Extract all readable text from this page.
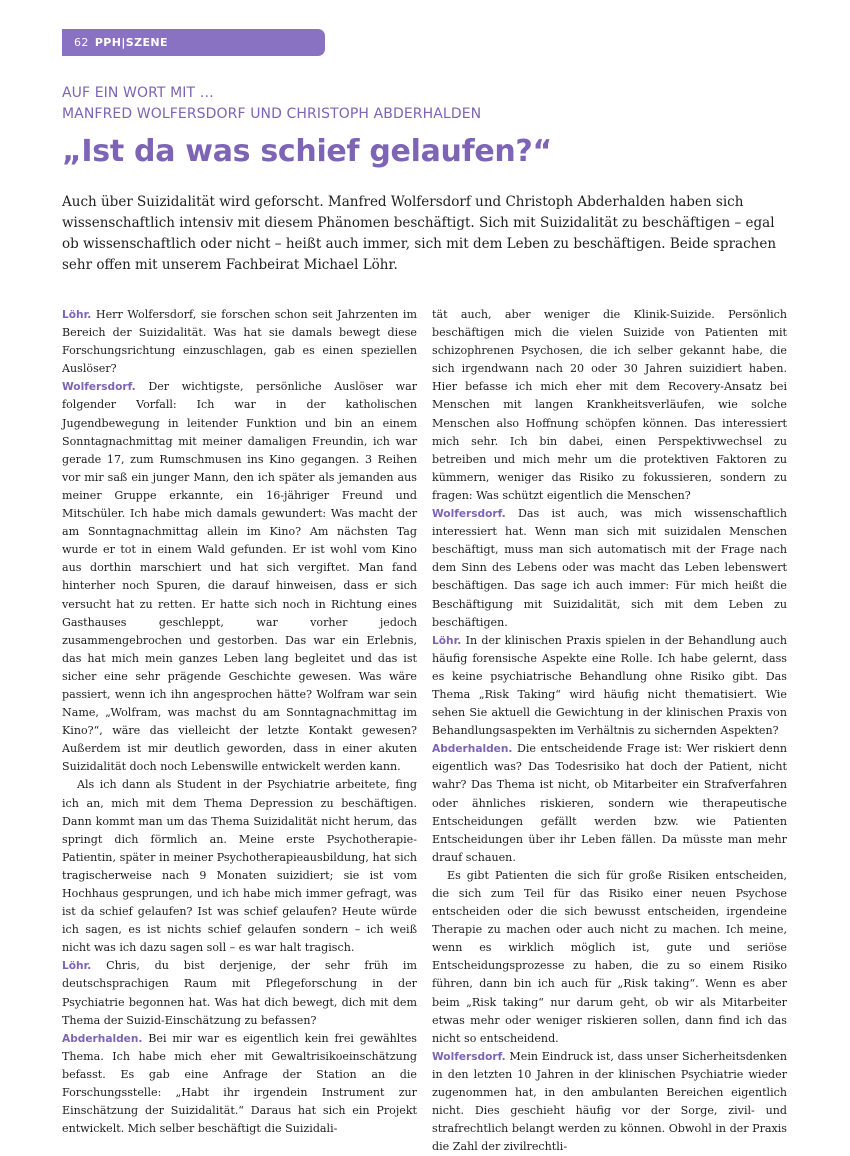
62 PPH|SZENE
AUF EIN WORT MIT …
MANFRED WOLFERSDORF UND CHRISTOPH ABDERHALDEN
„Ist da was schief gelaufen?“

Auch über Suizidalität wird geforscht. Manfred Wolfersdorf und Christoph Abderhalden haben sich wissenschaftlich intensiv mit diesem Phänomen beschäftigt. Sich mit Suizidalität zu beschäftigen – egal ob wissenschaftlich oder nicht – heißt auch immer, sich mit dem Leben zu beschäftigen. Beide sprachen sehr offen mit unserem Fachbeirat Michael Löhr.

Löhr. Herr Wolfersdorf, sie forschen schon seit Jahrzenten im Bereich der Suizidalität. Was hat sie damals bewegt diese Forschungsrichtung einzuschlagen, gab es einen speziellen Auslöser?

Wolfersdorf. Der wichtigste, persönliche Auslöser war folgender Vorfall: Ich war in der katholischen Jugendbewegung in leitender Funktion und bin an einem Sonntagnachmittag mit meiner damaligen Freundin, ich war gerade 17, zum Rumschmusen ins Kino gegangen. 3 Reihen vor mir saß ein junger Mann, den ich später als jemanden aus meiner Gruppe erkannte, ein 16-jähriger Freund und Mitschüler. Ich habe mich damals gewundert: Was macht der am Sonntagnachmittag allein im Kino? Am nächsten Tag wurde er tot in einem Wald gefunden. Er ist wohl vom Kino aus dorthin marschiert und hat sich vergiftet. Man fand hinterher noch Spuren, die darauf hinweisen, dass er sich versucht hat zu retten. Er hatte sich noch in Richtung eines Gasthauses geschleppt, war vorher jedoch zusammengebrochen und gestorben. Das war ein Erlebnis, das hat mich mein ganzes Leben lang begleitet und das ist sicher eine sehr prägende Geschichte gewesen. Was wäre passiert, wenn ich ihn angesprochen hätte? Wolfram war sein Name, „Wolfram, was machst du am Sonntagnachmittag im Kino?“, wäre das vielleicht der letzte Kontakt gewesen? Außerdem ist mir deutlich geworden, dass in einer akuten Suizidalität doch noch Lebenswille entwickelt werden kann.

Als ich dann als Student in der Psychiatrie arbeitete, fing ich an, mich mit dem Thema Depression zu beschäftigen. Dann kommt man um das Thema Suizidalität nicht herum, das springt dich förmlich an. Meine erste Psychotherapie-Patientin, später in meiner Psychotherapieausbildung, hat sich tragischerweise nach 9 Monaten suizidiert; sie ist vom Hochhaus gesprungen, und ich habe mich immer gefragt, was ist da schief gelaufen? Ist was schief gelaufen? Heute würde ich sagen, es ist nichts schief gelaufen sondern – ich weiß nicht was ich dazu sagen soll – es war halt tragisch.

Löhr. Chris, du bist derjenige, der sehr früh im deutschsprachigen Raum mit Pflegeforschung in der Psychiatrie begonnen hat. Was hat dich bewegt, dich mit dem Thema der Suizid-Einschätzung zu befassen?

Abderhalden. Bei mir war es eigentlich kein frei gewähltes Thema. Ich habe mich eher mit Gewaltrisikoeinschätzung befasst. Es gab eine Anfrage der Station an die Forschungsstelle: „Habt ihr irgendein Instrument zur Einschätzung der Suizidalität.“ Daraus hat sich ein Projekt entwickelt. Mich selber beschäftigt die Suizidali-

tät auch, aber weniger die Klinik-Suizide. Persönlich beschäftigen mich die vielen Suizide von Patienten mit schizophrenen Psychosen, die ich selber gekannt habe, die sich irgendwann nach 20 oder 30 Jahren suizidiert haben. Hier befasse ich mich eher mit dem Recovery-Ansatz bei Menschen mit langen Krankheitsverläufen, wie solche Menschen also Hoffnung schöpfen können. Das interessiert mich sehr. Ich bin dabei, einen Perspektivwechsel zu betreiben und mich mehr um die protektiven Faktoren zu kümmern, weniger das Risiko zu fokussieren, sondern zu fragen: Was schützt eigentlich die Menschen?

Wolfersdorf. Das ist auch, was mich wissenschaftlich interessiert hat. Wenn man sich mit suizidalen Menschen beschäftigt, muss man sich automatisch mit der Frage nach dem Sinn des Lebens oder was macht das Leben lebenswert beschäftigen. Das sage ich auch immer: Für mich heißt die Beschäftigung mit Suizidalität, sich mit dem Leben zu beschäftigen.

Löhr. In der klinischen Praxis spielen in der Behandlung auch häufig forensische Aspekte eine Rolle. Ich habe gelernt, dass es keine psychiatrische Behandlung ohne Risiko gibt. Das Thema „Risk Taking“ wird häufig nicht thematisiert. Wie sehen Sie aktuell die Gewichtung in der klinischen Praxis von Behandlungsaspekten im Verhältnis zu sichernden Aspekten?

Abderhalden. Die entscheidende Frage ist: Wer riskiert denn eigentlich was? Das Todesrisiko hat doch der Patient, nicht wahr? Das Thema ist nicht, ob Mitarbeiter ein Strafverfahren oder ähnliches riskieren, sondern wie therapeutische Entscheidungen gefällt werden bzw. wie Patienten Entscheidungen über ihr Leben fällen. Da müsste man mehr drauf schauen.

Es gibt Patienten die sich für große Risiken entscheiden, die sich zum Teil für das Risiko einer neuen Psychose entscheiden oder die sich bewusst entscheiden, irgendeine Therapie zu machen oder auch nicht zu machen. Ich meine, wenn es wirklich möglich ist, gute und seriöse Entscheidungsprozesse zu haben, die zu so einem Risiko führen, dann bin ich auch für „Risk taking“. Wenn es aber beim „Risk taking“ nur darum geht, ob wir als Mitarbeiter etwas mehr oder weniger riskieren sollen, dann find ich das nicht so entscheidend.

Wolfersdorf. Mein Eindruck ist, dass unser Sicherheitsdenken in den letzten 10 Jahren in der klinischen Psychiatrie wieder zugenommen hat, in den ambulanten Bereichen eigentlich nicht. Dies geschieht häufig vor der Sorge, zivil- und strafrechtlich belangt werden zu können. Obwohl in der Praxis die Zahl der zivilrechtli-
